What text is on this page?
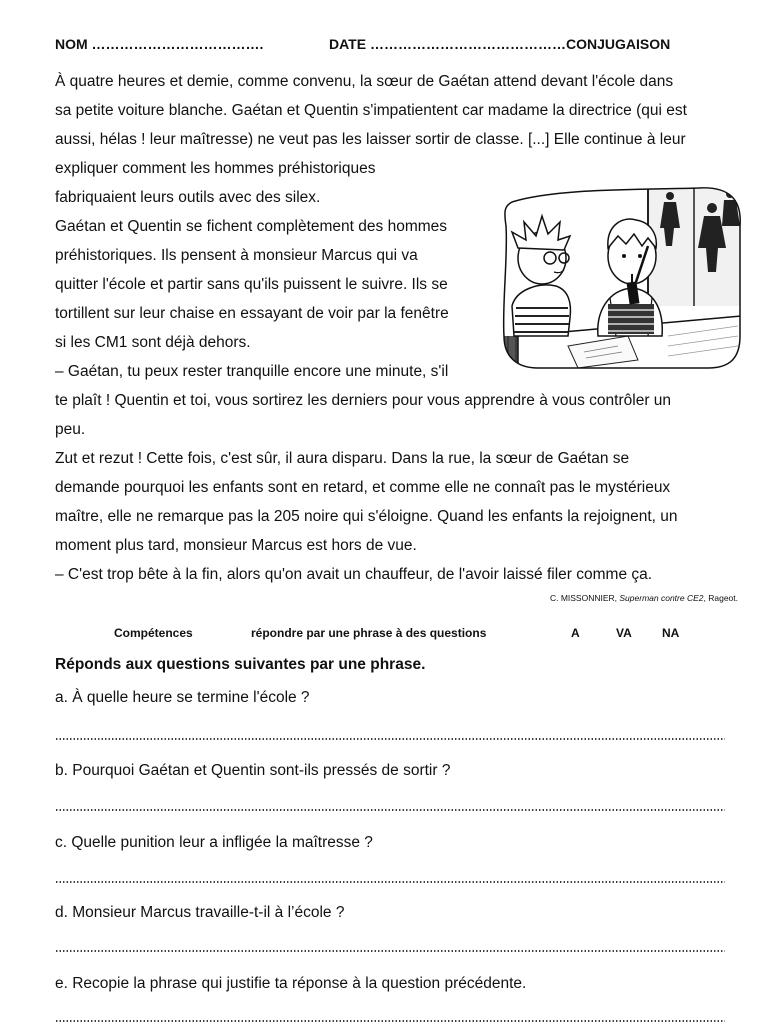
NOM ……………………………….	DATE ……………………………………CONJUGAISON
À quatre heures et demie, comme convenu, la sœur de Gaétan attend devant l'école dans
sa petite voiture blanche. Gaétan et Quentin s'impatientent car madame la directrice (qui est
aussi, hélas ! leur maîtresse) ne veut pas les laisser sortir de classe. [...] Elle continue à leur
expliquer comment les hommes préhistoriques
fabriquaient leurs outils avec des silex.
Gaétan et Quentin se fichent complètement des hommes
préhistoriques. Ils pensent à monsieur Marcus qui va
quitter l'école et partir sans qu'ils puissent le suivre. Ils se
tortillent sur leur chaise en essayant de voir par la fenêtre
si les CM1 sont déjà dehors.
– Gaétan, tu peux rester tranquille encore une minute, s'il
te plaît ! Quentin et toi, vous sortirez les derniers pour vous apprendre à vous contrôler un
peu.
Zut et rezut ! Cette fois, c'est sûr, il aura disparu. Dans la rue, la sœur de Gaétan se
demande pourquoi les enfants sont en retard, et comme elle ne connaît pas le mystérieux
maître, elle ne remarque pas la 205 noire qui s'éloigne. Quand les enfants la rejoignent, un
moment plus tard, monsieur Marcus est hors de vue.
– C'est trop bête à la fin, alors qu'on avait un chauffeur, de l'avoir laissé filer comme ça.
C. MISSONNIER, Superman contre CE2, Rageot.
Compétences	répondre par une phrase à des questions	A	VA	NA
Réponds aux questions suivantes par une phrase.
a. À quelle heure se termine l'école ?
b. Pourquoi Gaétan et Quentin sont-ils pressés de sortir ?
c. Quelle punition leur a infligée la maîtresse ?
d. Monsieur Marcus travaille-t-il à l’école ?
e. Recopie la phrase qui justifie ta réponse à la question précédente.
